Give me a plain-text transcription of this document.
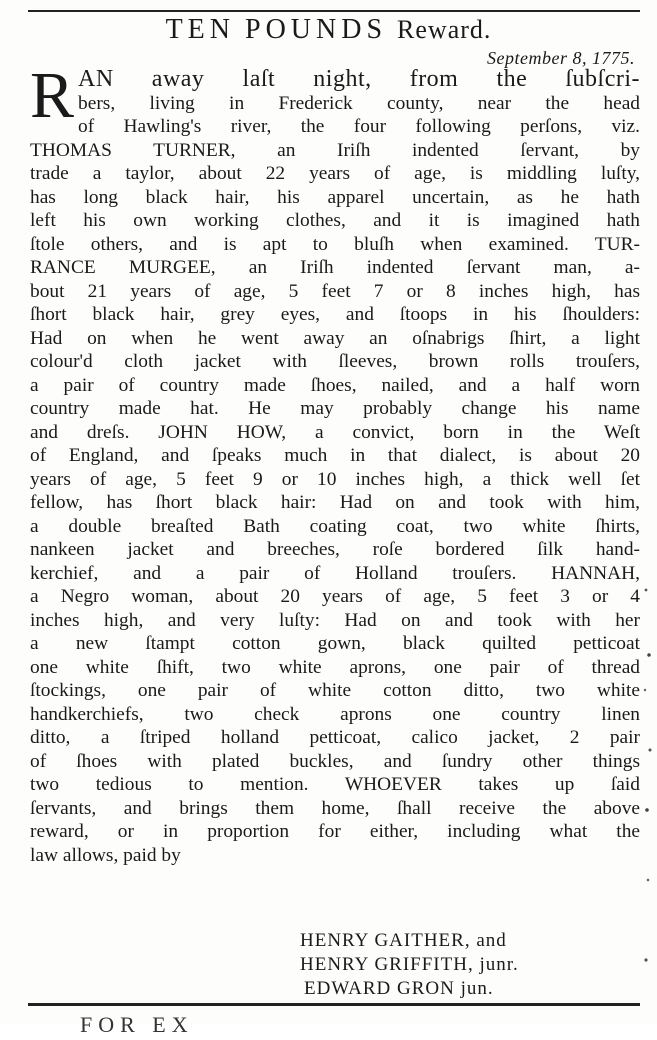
TEN POUNDS Reward.
September 8, 1775.
R AN away laſt night, from the ſubſcri-
bers, living in Frederick county, near the head
of Hawling's river, the four following perſons, viz.
THOMAS TURNER, an Iriſh indented ſervant, by
trade a taylor, about 22 years of age, is middling luſty,
has long black hair, his apparel uncertain, as he hath
left his own working clothes, and it is imagined hath
ſtole others, and is apt to bluſh when examined. TUR-
RANCE MURGEE, an Iriſh indented ſervant man, a-
bout 21 years of age, 5 feet 7 or 8 inches high, has
ſhort black hair, grey eyes, and ſtoops in his ſhoulders:
Had on when he went away an oſnabrigs ſhirt, a light
colour'd cloth jacket with ſleeves, brown rolls trouſers,
a pair of country made ſhoes, nailed, and a half worn
country made hat. He may probably change his name
and dreſs. JOHN HOW, a convict, born in the Weſt
of England, and ſpeaks much in that dialect, is about 20
years of age, 5 feet 9 or 10 inches high, a thick well ſet
fellow, has ſhort black hair: Had on and took with him,
a double breaſted Bath coating coat, two white ſhirts,
nankeen jacket and breeches, roſe bordered ſilk hand-
kerchief, and a pair of Holland trouſers. HANNAH,
a Negro woman, about 20 years of age, 5 feet 3 or 4
inches high, and very luſty: Had on and took with her
a new ſtampt cotton gown, black quilted petticoat
one white ſhift, two white aprons, one pair of thread
ſtockings, one pair of white cotton ditto, two white
handkerchiefs, two check aprons one country linen
ditto, a ſtriped holland petticoat, calico jacket, 2 pair
of ſhoes with plated buckles, and ſundry other things
two tedious to mention. WHOEVER takes up ſaid
ſervants, and brings them home, ſhall receive the above
reward, or in proportion for either, including what the
law allows, paid by
HENRY GAITHER, and
HENRY GRIFFITH, junr.
EDWARD GRON jun.
FOR EX
